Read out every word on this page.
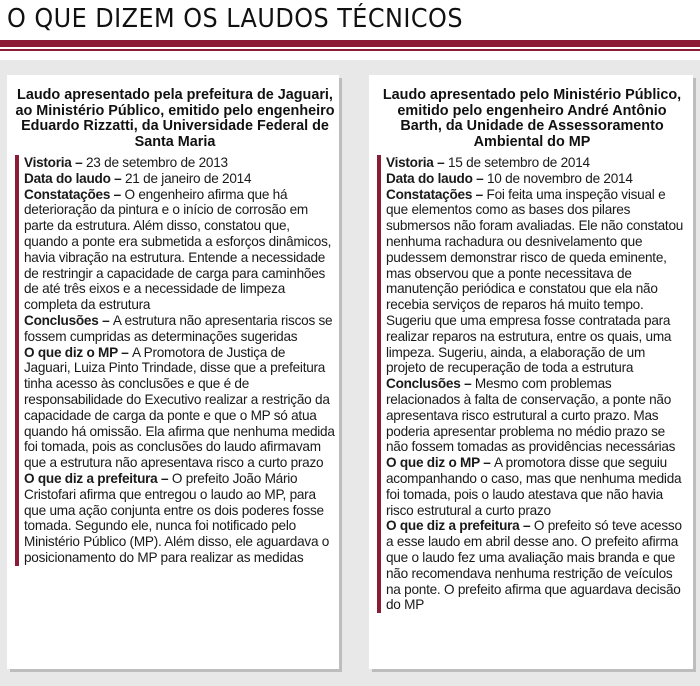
O QUE DIZEM OS LAUDOS TÉCNICOS
Laudo apresentado pela prefeitura de Jaguari, ao Ministério Público, emitido pelo engenheiro Eduardo Rizzatti, da Universidade Federal de Santa Maria
Vistoria – 23 de setembro de 2013
Data do laudo – 21 de janeiro de 2014
Constatações – O engenheiro afirma que há deterioração da pintura e o início de corrosão em parte da estrutura. Além disso, constatou que, quando a ponte era submetida a esforços dinâmicos, havia vibração na estrutura. Entende a necessidade de restringir a capacidade de carga para caminhões de até três eixos e a necessidade de limpeza completa da estrutura
Conclusões – A estrutura não apresentaria riscos se fossem cumpridas as determinações sugeridas
O que diz o MP – A Promotora de Justiça de Jaguari, Luiza Pinto Trindade, disse que a prefeitura tinha acesso às conclusões e que é de responsabilidade do Executivo realizar a restrição da capacidade de carga da ponte e que o MP só atua quando há omissão. Ela afirma que nenhuma medida foi tomada, pois as conclusões do laudo afirmavam que a estrutura não apresentava risco a curto prazo
O que diz a prefeitura – O prefeito João Mário Cristofari afirma que entregou o laudo ao MP, para que uma ação conjunta entre os dois poderes fosse tomada. Segundo ele, nunca foi notificado pelo Ministério Público (MP). Além disso, ele aguardava o posicionamento do MP para realizar as medidas
Laudo apresentado pelo Ministério Público, emitido pelo engenheiro André Antônio Barth, da Unidade de Assessoramento Ambiental do MP
Vistoria – 15 de setembro de 2014
Data do laudo – 10 de novembro de 2014
Constatações – Foi feita uma inspeção visual e que elementos como as bases dos pilares submersos não foram avaliadas. Ele não constatou nenhuma rachadura ou desnivelamento que pudessem demonstrar risco de queda eminente, mas observou que a ponte necessitava de manutenção periódica e constatou que ela não recebia serviços de reparos há muito tempo. Sugeriu que uma empresa fosse contratada para realizar reparos na estrutura, entre os quais, uma limpeza. Sugeriu, ainda, a elaboração de um projeto de recuperação de toda a estrutura
Conclusões – Mesmo com problemas relacionados à falta de conservação, a ponte não apresentava risco estrutural a curto prazo. Mas poderia apresentar problema no médio prazo se não fossem tomadas as providências necessárias
O que diz o MP – A promotora disse que seguiu acompanhando o caso, mas que nenhuma medida foi tomada, pois o laudo atestava que não havia risco estrutural a curto prazo
O que diz a prefeitura – O prefeito só teve acesso a esse laudo em abril desse ano. O prefeito afirma que o laudo fez uma avaliação mais branda e que não recomendava nenhuma restrição de veículos na ponte. O prefeito afirma que aguardava decisão do MP
